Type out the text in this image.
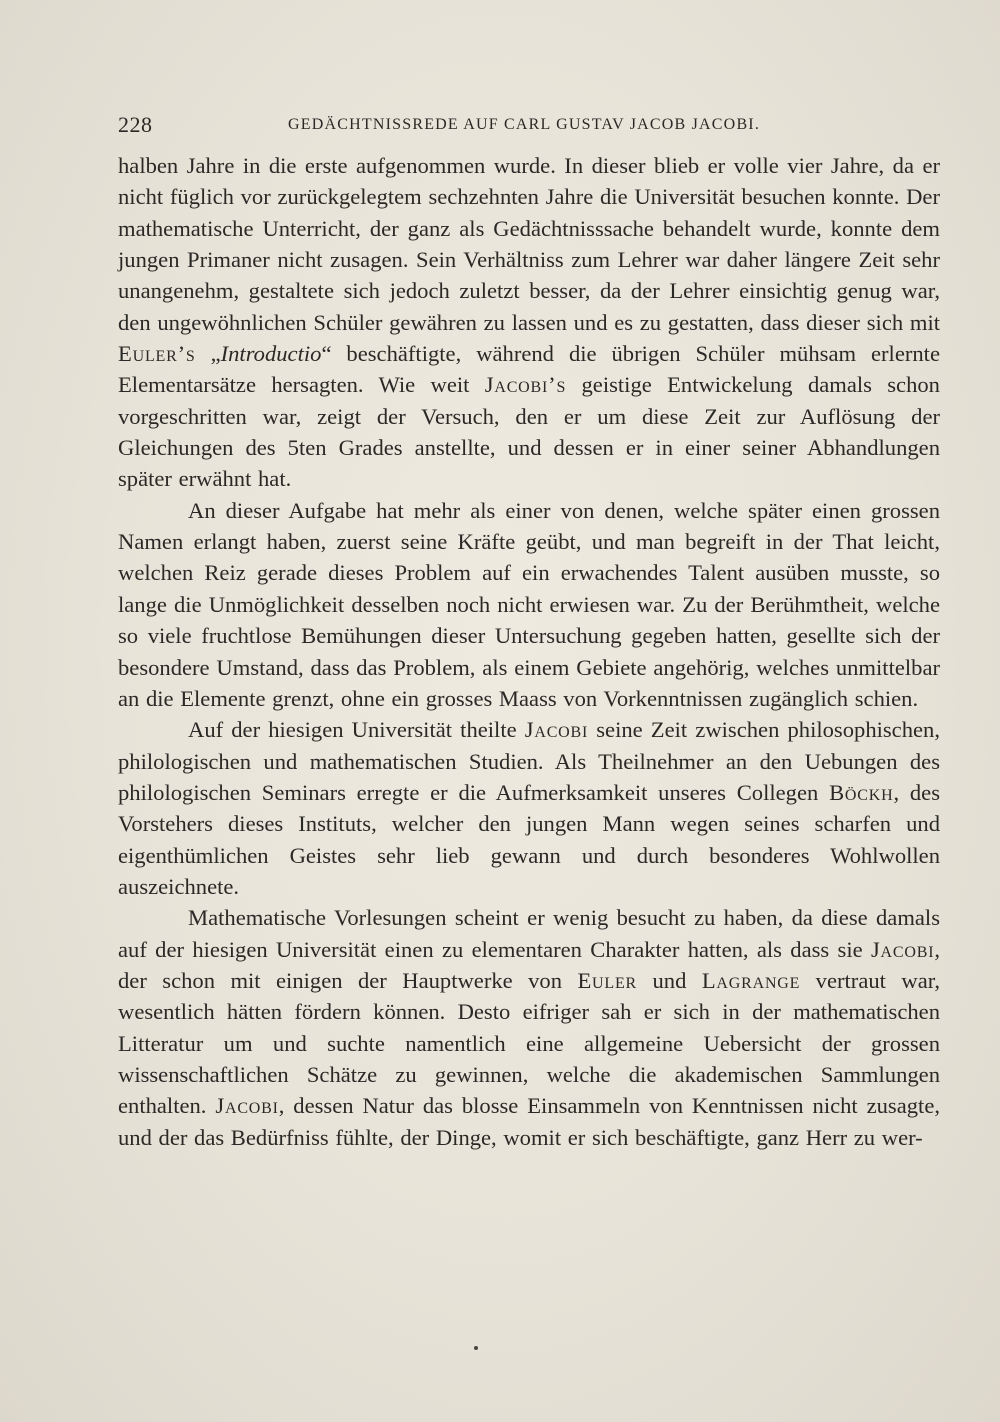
228	GEDÄCHTNISSREDE AUF CARL GUSTAV JACOB JACOBI.

halben Jahre in die erste aufgenommen wurde. In dieser blieb er volle vier Jahre, da er nicht füglich vor zurückgelegtem sechzehnten Jahre die Universität besuchen konnte. Der mathematische Unterricht, der ganz als Gedächtnisssache behandelt wurde, konnte dem jungen Primaner nicht zusagen. Sein Verhältniss zum Lehrer war daher längere Zeit sehr unangenehm, gestaltete sich jedoch zuletzt besser, da der Lehrer einsichtig genug war, den ungewöhnlichen Schüler gewähren zu lassen und es zu gestatten, dass dieser sich mit Euler’s „Introductio“ beschäftigte, während die übrigen Schüler mühsam erlernte Elementarsätze hersagten. Wie weit Jacobi’s geistige Entwickelung damals schon vorgeschritten war, zeigt der Versuch, den er um diese Zeit zur Auflösung der Gleichungen des 5ten Grades anstellte, und dessen er in einer seiner Abhandlungen später erwähnt hat.

An dieser Aufgabe hat mehr als einer von denen, welche später einen grossen Namen erlangt haben, zuerst seine Kräfte geübt, und man begreift in der That leicht, welchen Reiz gerade dieses Problem auf ein erwachendes Talent ausüben musste, so lange die Unmöglichkeit desselben noch nicht erwiesen war. Zu der Berühmtheit, welche so viele fruchtlose Bemühungen dieser Untersuchung gegeben hatten, gesellte sich der besondere Umstand, dass das Problem, als einem Gebiete angehörig, welches unmittelbar an die Elemente grenzt, ohne ein grosses Maass von Vorkenntnissen zugänglich schien.

Auf der hiesigen Universität theilte Jacobi seine Zeit zwischen philosophischen, philologischen und mathematischen Studien. Als Theilnehmer an den Uebungen des philologischen Seminars erregte er die Aufmerksamkeit unseres Collegen Böckh, des Vorstehers dieses Instituts, welcher den jungen Mann wegen seines scharfen und eigenthümlichen Geistes sehr lieb gewann und durch besonderes Wohlwollen auszeichnete.

Mathematische Vorlesungen scheint er wenig besucht zu haben, da diese damals auf der hiesigen Universität einen zu elementaren Charakter hatten, als dass sie Jacobi, der schon mit einigen der Hauptwerke von Euler und Lagrange vertraut war, wesentlich hätten fördern können. Desto eifriger sah er sich in der mathematischen Litteratur um und suchte namentlich eine allgemeine Uebersicht der grossen wissenschaftlichen Schätze zu gewinnen, welche die akademischen Sammlungen enthalten. Jacobi, dessen Natur das blosse Einsammeln von Kenntnissen nicht zusagte, und der das Bedürfniss fühlte, der Dinge, womit er sich beschäftigte, ganz Herr zu wer-
